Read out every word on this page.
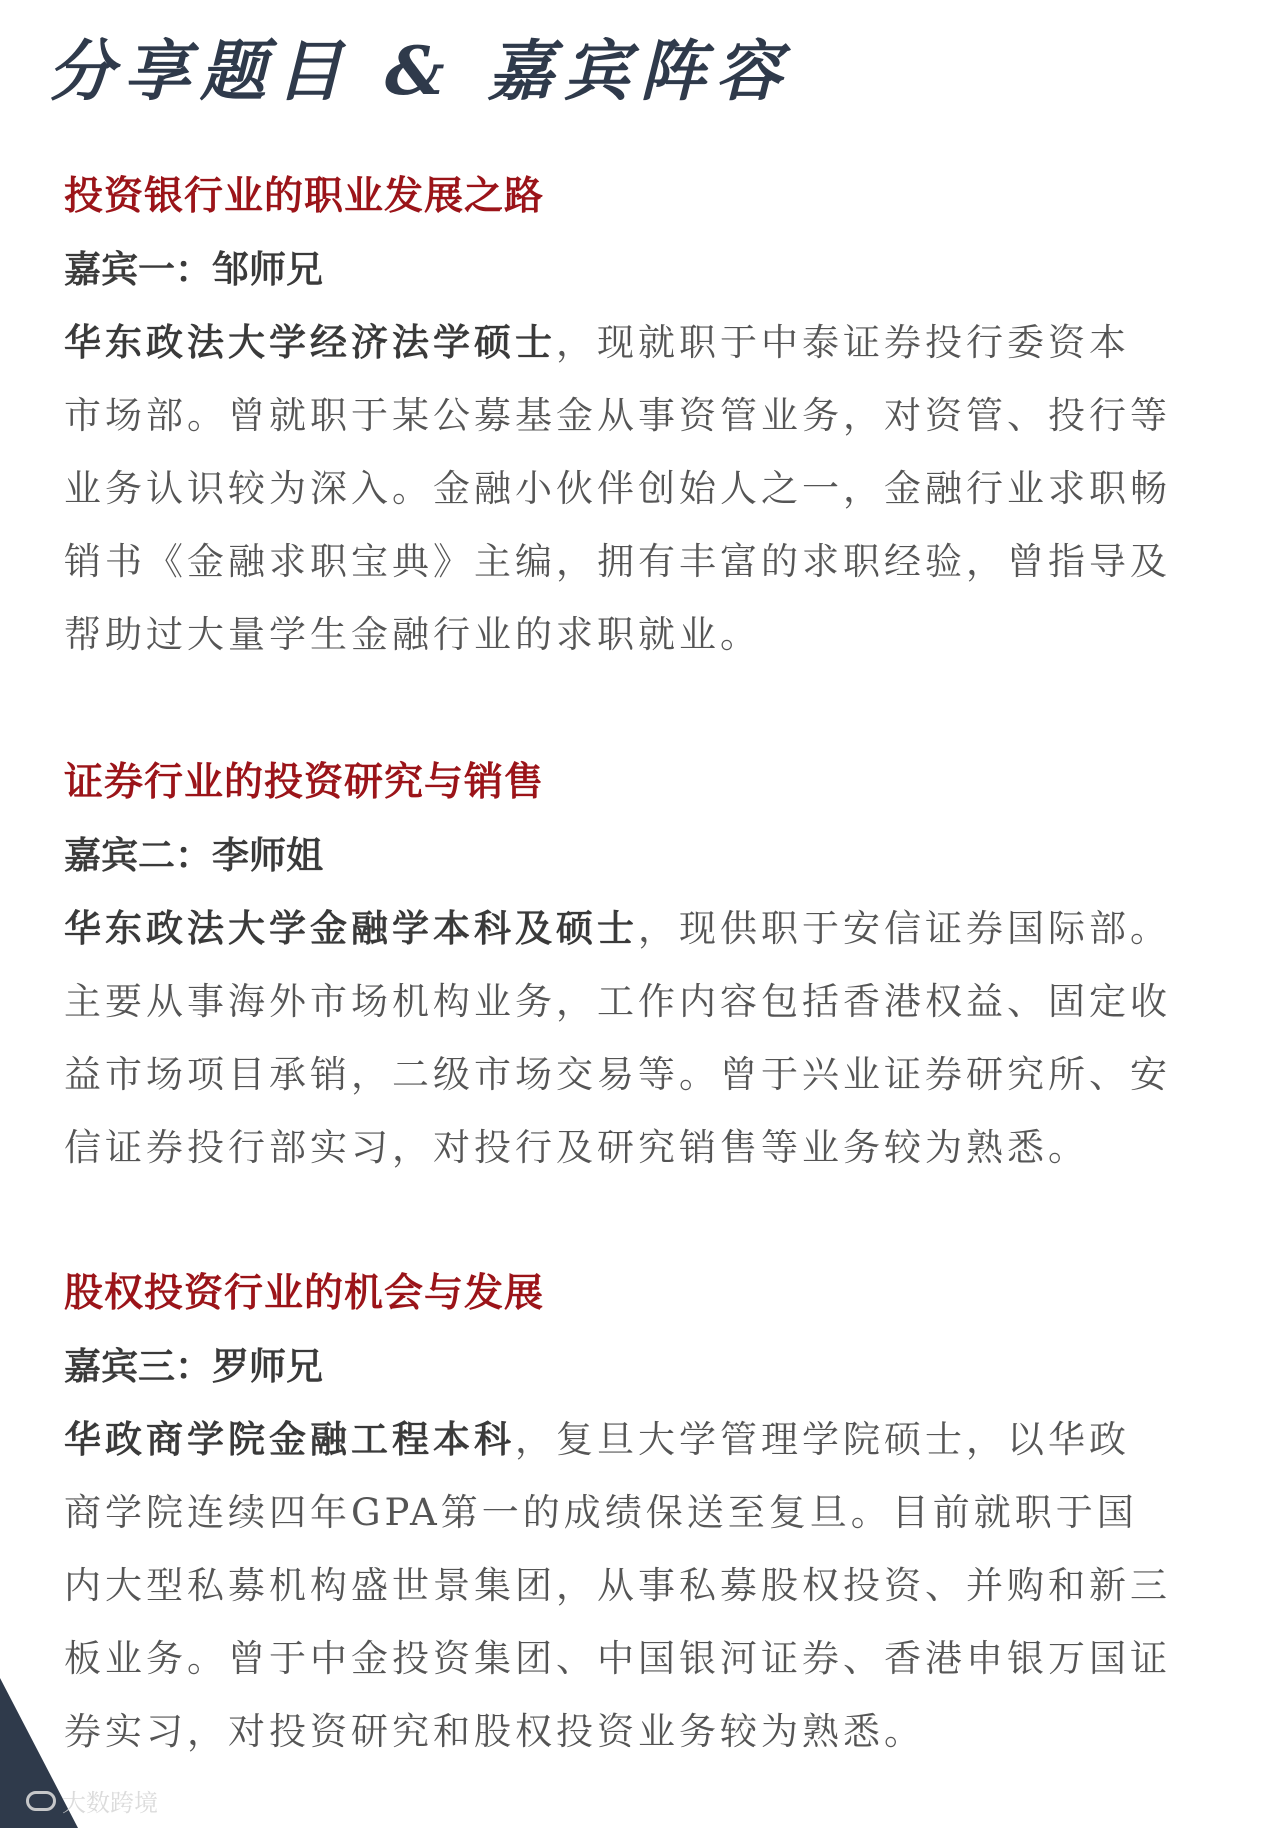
分享题目 & 嘉宾阵容
投资银行业的职业发展之路

嘉宾一：邹师兄

华东政法大学经济法学硕士，现就职于中泰证券投行委资本
市场部。曾就职于某公募基金从事资管业务，对资管、投行等
业务认识较为深入。金融小伙伴创始人之一，金融行业求职畅
销书《金融求职宝典》主编，拥有丰富的求职经验，曾指导及
帮助过大量学生金融行业的求职就业。

证券行业的投资研究与销售

嘉宾二：李师姐

华东政法大学金融学本科及硕士，现供职于安信证券国际部。
主要从事海外市场机构业务，工作内容包括香港权益、固定收
益市场项目承销，二级市场交易等。曾于兴业证券研究所、安
信证券投行部实习，对投行及研究销售等业务较为熟悉。

股权投资行业的机会与发展

嘉宾三：罗师兄

华政商学院金融工程本科，复旦大学管理学院硕士，以华政
商学院连续四年GPA第一的成绩保送至复旦。目前就职于国
内大型私募机构盛世景集团，从事私募股权投资、并购和新三
板业务。曾于中金投资集团、中国银河证券、香港申银万国证
券实习，对投资研究和股权投资业务较为熟悉。

大数跨境
